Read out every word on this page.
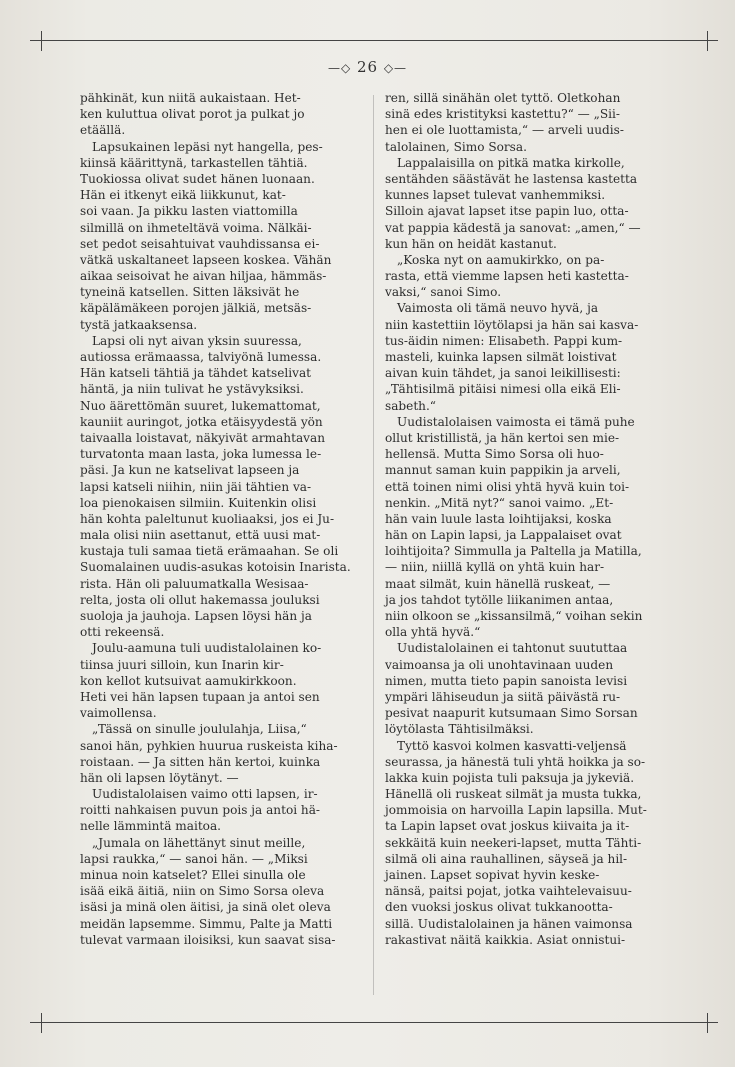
—◇ 26 ◇—
pähkinät, kun niitä aukaistaan. Het-
ken kuluttua olivat porot ja pulkat jo
etäällä.
Lapsukainen lepäsi nyt hangella, pes-
kiinsä käärittynä, tarkastellen tähtiä.
Tuokiossa olivat sudet hänen luonaan.
Hän ei itkenyt eikä liikkunut, kat-
soi vaan. Ja pikku lasten viattomilla
silmillä on ihmeteltävä voima. Nälkäi-
set pedot seisahtuivat vauhdissansa ei-
vätkä uskaltaneet lapseen koskea. Vähän
aikaa seisoivat he aivan hiljaa, hämmäs-
tyneinä katsellen. Sitten läksivät he
käpälämäkeen porojen jälkiä, metsäs-
tystä jatkaaksensa.
Lapsi oli nyt aivan yksin suuressa,
autiossa erämaassa, talviyönä lumessa.
Hän katseli tähtiä ja tähdet katselivat
häntä, ja niin tulivat he ystävyksiksi.
Nuo äärettömän suuret, lukemattomat,
kauniit auringot, jotka etäisyydestä yön
taivaalla loistavat, näkyivät armahtavan
turvatonta maan lasta, joka lumessa le-
päsi. Ja kun ne katselivat lapseen ja
lapsi katseli niihin, niin jäi tähtien va-
loa pienokaisen silmiin. Kuitenkin olisi
hän kohta paleltunut kuoliaaksi, jos ei Ju-
mala olisi niin asettanut, että uusi mat-
kustaja tuli samaa tietä erämaahan. Se oli
Suomalainen uudis-asukas kotoisin Inarista.
rista. Hän oli paluumatkalla Wesisaa-
relta, josta oli ollut hakemassa jouluksi
suoloja ja jauhoja. Lapsen löysi hän ja
otti rekeensä.
Joulu-aamuna tuli uudistalolainen ko-
tiinsa juuri silloin, kun Inarin kir-
kon kellot kutsuivat aamukirkkoon.
Heti vei hän lapsen tupaan ja antoi sen
vaimollensa.
„Tässä on sinulle joululahja, Liisa,“
sanoi hän, pyhkien huurua ruskeista kiha-
roistaan. — Ja sitten hän kertoi, kuinka
hän oli lapsen löytänyt. —
Uudistalolaisen vaimo otti lapsen, ir-
roitti nahkaisen puvun pois ja antoi hä-
nelle lämmintä maitoa.
„Jumala on lähettänyt sinut meille,
lapsi raukka,“ — sanoi hän. — „Miksi
minua noin katselet? Ellei sinulla ole
isää eikä äitiä, niin on Simo Sorsa oleva
isäsi ja minä olen äitisi, ja sinä olet oleva
meidän lapsemme. Simmu, Palte ja Matti
tulevat varmaan iloisiksi, kun saavat sisa-
ren, sillä sinähän olet tyttö. Oletkohan
sinä edes kristityksi kastettu?“ — „Sii-
hen ei ole luottamista,“ — arveli uudis-
talolainen, Simo Sorsa.
Lappalaisilla on pitkä matka kirkolle,
sentähden säästävät he lastensa kastetta
kunnes lapset tulevat vanhemmiksi.
Silloin ajavat lapset itse papin luo, otta-
vat pappia kädestä ja sanovat: „amen,“ —
kun hän on heidät kastanut.
„Koska nyt on aamukirkko, on pa-
rasta, että viemme lapsen heti kastetta-
vaksi,“ sanoi Simo.
Vaimosta oli tämä neuvo hyvä, ja
niin kastettiin löytölapsi ja hän sai kasva-
tus-äidin nimen: Elisabeth. Pappi kum-
masteli, kuinka lapsen silmät loistivat
aivan kuin tähdet, ja sanoi leikillisesti:
„Tähtisilmä pitäisi nimesi olla eikä Eli-
sabeth.“
Uudistalolaisen vaimosta ei tämä puhe
ollut kristillistä, ja hän kertoi sen mie-
hellensä. Mutta Simo Sorsa oli huo-
mannut saman kuin pappikin ja arveli,
että toinen nimi olisi yhtä hyvä kuin toi-
nenkin. „Mitä nyt?“ sanoi vaimo. „Et-
hän vain luule lasta loihtijaksi, koska
hän on Lapin lapsi, ja Lappalaiset ovat
loihtijoita? Simmulla ja Paltella ja Matilla,
— niin, niillä kyllä on yhtä kuin har-
maat silmät, kuin hänellä ruskeat, —
ja jos tahdot tytölle liikanimen antaa,
niin olkoon se „kissansilmä,“ voihan sekin
olla yhtä hyvä.“
Uudistalolainen ei tahtonut suututtaa
vaimoansa ja oli unohtavinaan uuden
nimen, mutta tieto papin sanoista levisi
ympäri lähiseudun ja siitä päivästä ru-
pesivat naapurit kutsumaan Simo Sorsan
löytölasta Tähtisilmäksi.
Tyttö kasvoi kolmen kasvatti-veljensä
seurassa, ja hänestä tuli yhtä hoikka ja so-
lakka kuin pojista tuli paksuja ja jykeviä.
Hänellä oli ruskeat silmät ja musta tukka,
jommoisia on harvoilla Lapin lapsilla. Mut-
ta Lapin lapset ovat joskus kiivaita ja it-
sekkäitä kuin neekeri-lapset, mutta Tähti-
silmä oli aina rauhallinen, säyseä ja hil-
jainen. Lapset sopivat hyvin keske-
nänsä, paitsi pojat, jotka vaihtelevaisuu-
den vuoksi joskus olivat tukkanootta-
sillä. Uudistalolainen ja hänen vaimonsa
rakastivat näitä kaikkia. Asiat onnistui-
